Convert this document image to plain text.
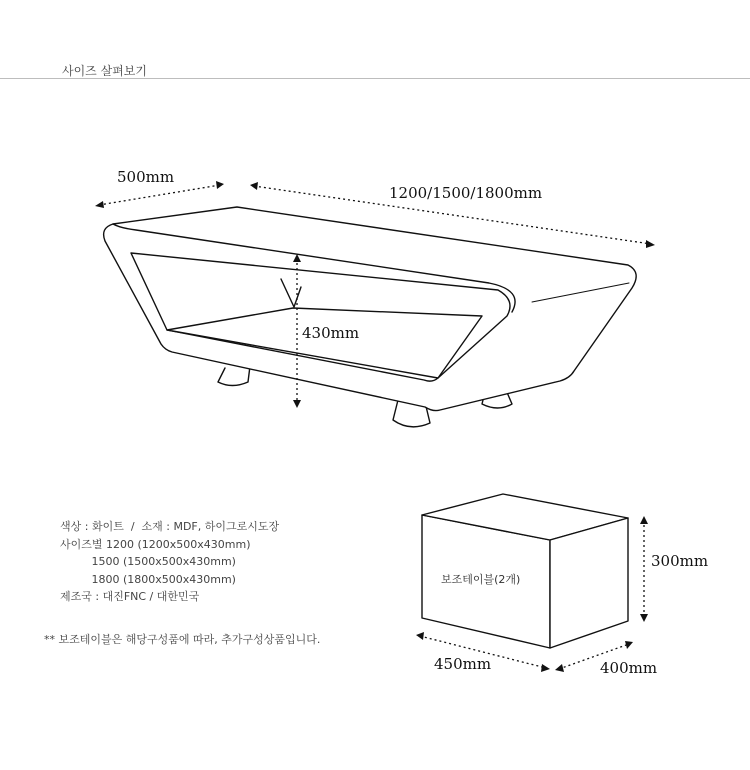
사이즈 살펴보기
500mm
1200/1500/1800mm
430mm
보조테이블(2개)
300mm
450mm	400mm
색상 : 화이트  /  소재 : MDF, 하이그로시도장
사이즈별 1200 (1200x500x430mm)
1500 (1500x500x430mm)
1800 (1800x500x430mm)
제조국 : 대진FNC / 대한민국
** 보조테이블은 해당구성품에 따라, 추가구성상품입니다.
